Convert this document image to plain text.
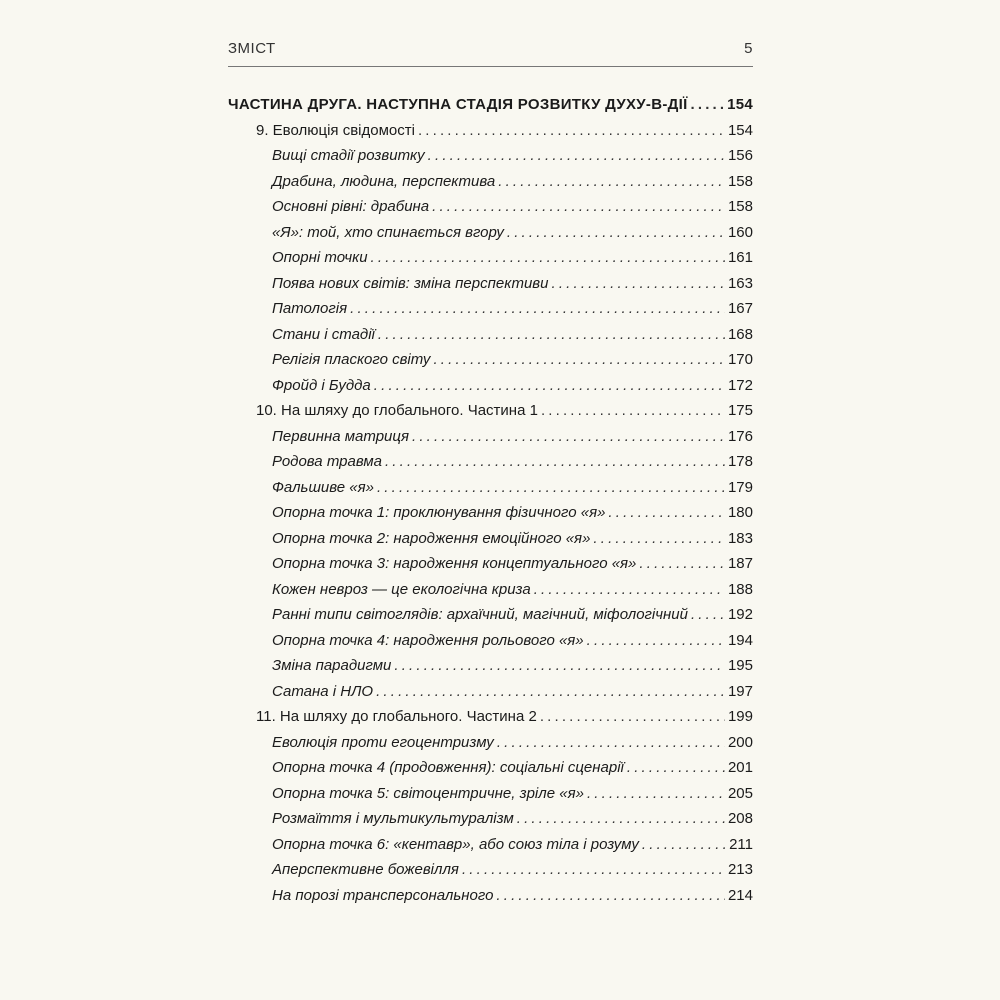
ЗМІСТ	5
ЧАСТИНА ДРУГА. НАСТУПНА СТАДІЯ РОЗВИТКУ ДУХУ-В-ДІЇ . . .	154
9. Еволюція свідомості . . .	154
Вищі стадії розвитку . . .	156
Драбина, людина, перспектива . . .	158
Основні рівні: драбина . . .	158
«Я»: той, хто спинається вгору . . .	160
Опорні точки . . .	161
Поява нових світів: зміна перспективи . . .	163
Патологія . . .	167
Стани і стадії . . .	168
Релігія плаского світу . . .	170
Фройд і Будда . . .	172
10. На шляху до глобального. Частина 1 . . .	175
Первинна матриця . . .	176
Родова травма . . .	178
Фальшиве «я» . . .	179
Опорна точка 1: проклюнування фізичного «я» . . .	180
Опорна точка 2: народження емоційного «я» . . .	183
Опорна точка 3: народження концептуального «я» . . .	187
Кожен невроз — це екологічна криза . . .	188
Ранні типи світоглядів: архаїчний, магічний, міфологічний . . .	192
Опорна точка 4: народження рольового «я» . . .	194
Зміна парадигми . . .	195
Сатана і НЛО . . .	197
11. На шляху до глобального. Частина 2 . . .	199
Еволюція проти егоцентризму . . .	200
Опорна точка 4 (продовження): соціальні сценарії . . .	201
Опорна точка 5: світоцентричне, зріле «я» . . .	205
Розмаїття і мультикультуралізм . . .	208
Опорна точка 6: «кентавр», або союз тіла і розуму . . .	211
Аперспективне божевілля . . .	213
На порозі трансперсонального . . .	214
